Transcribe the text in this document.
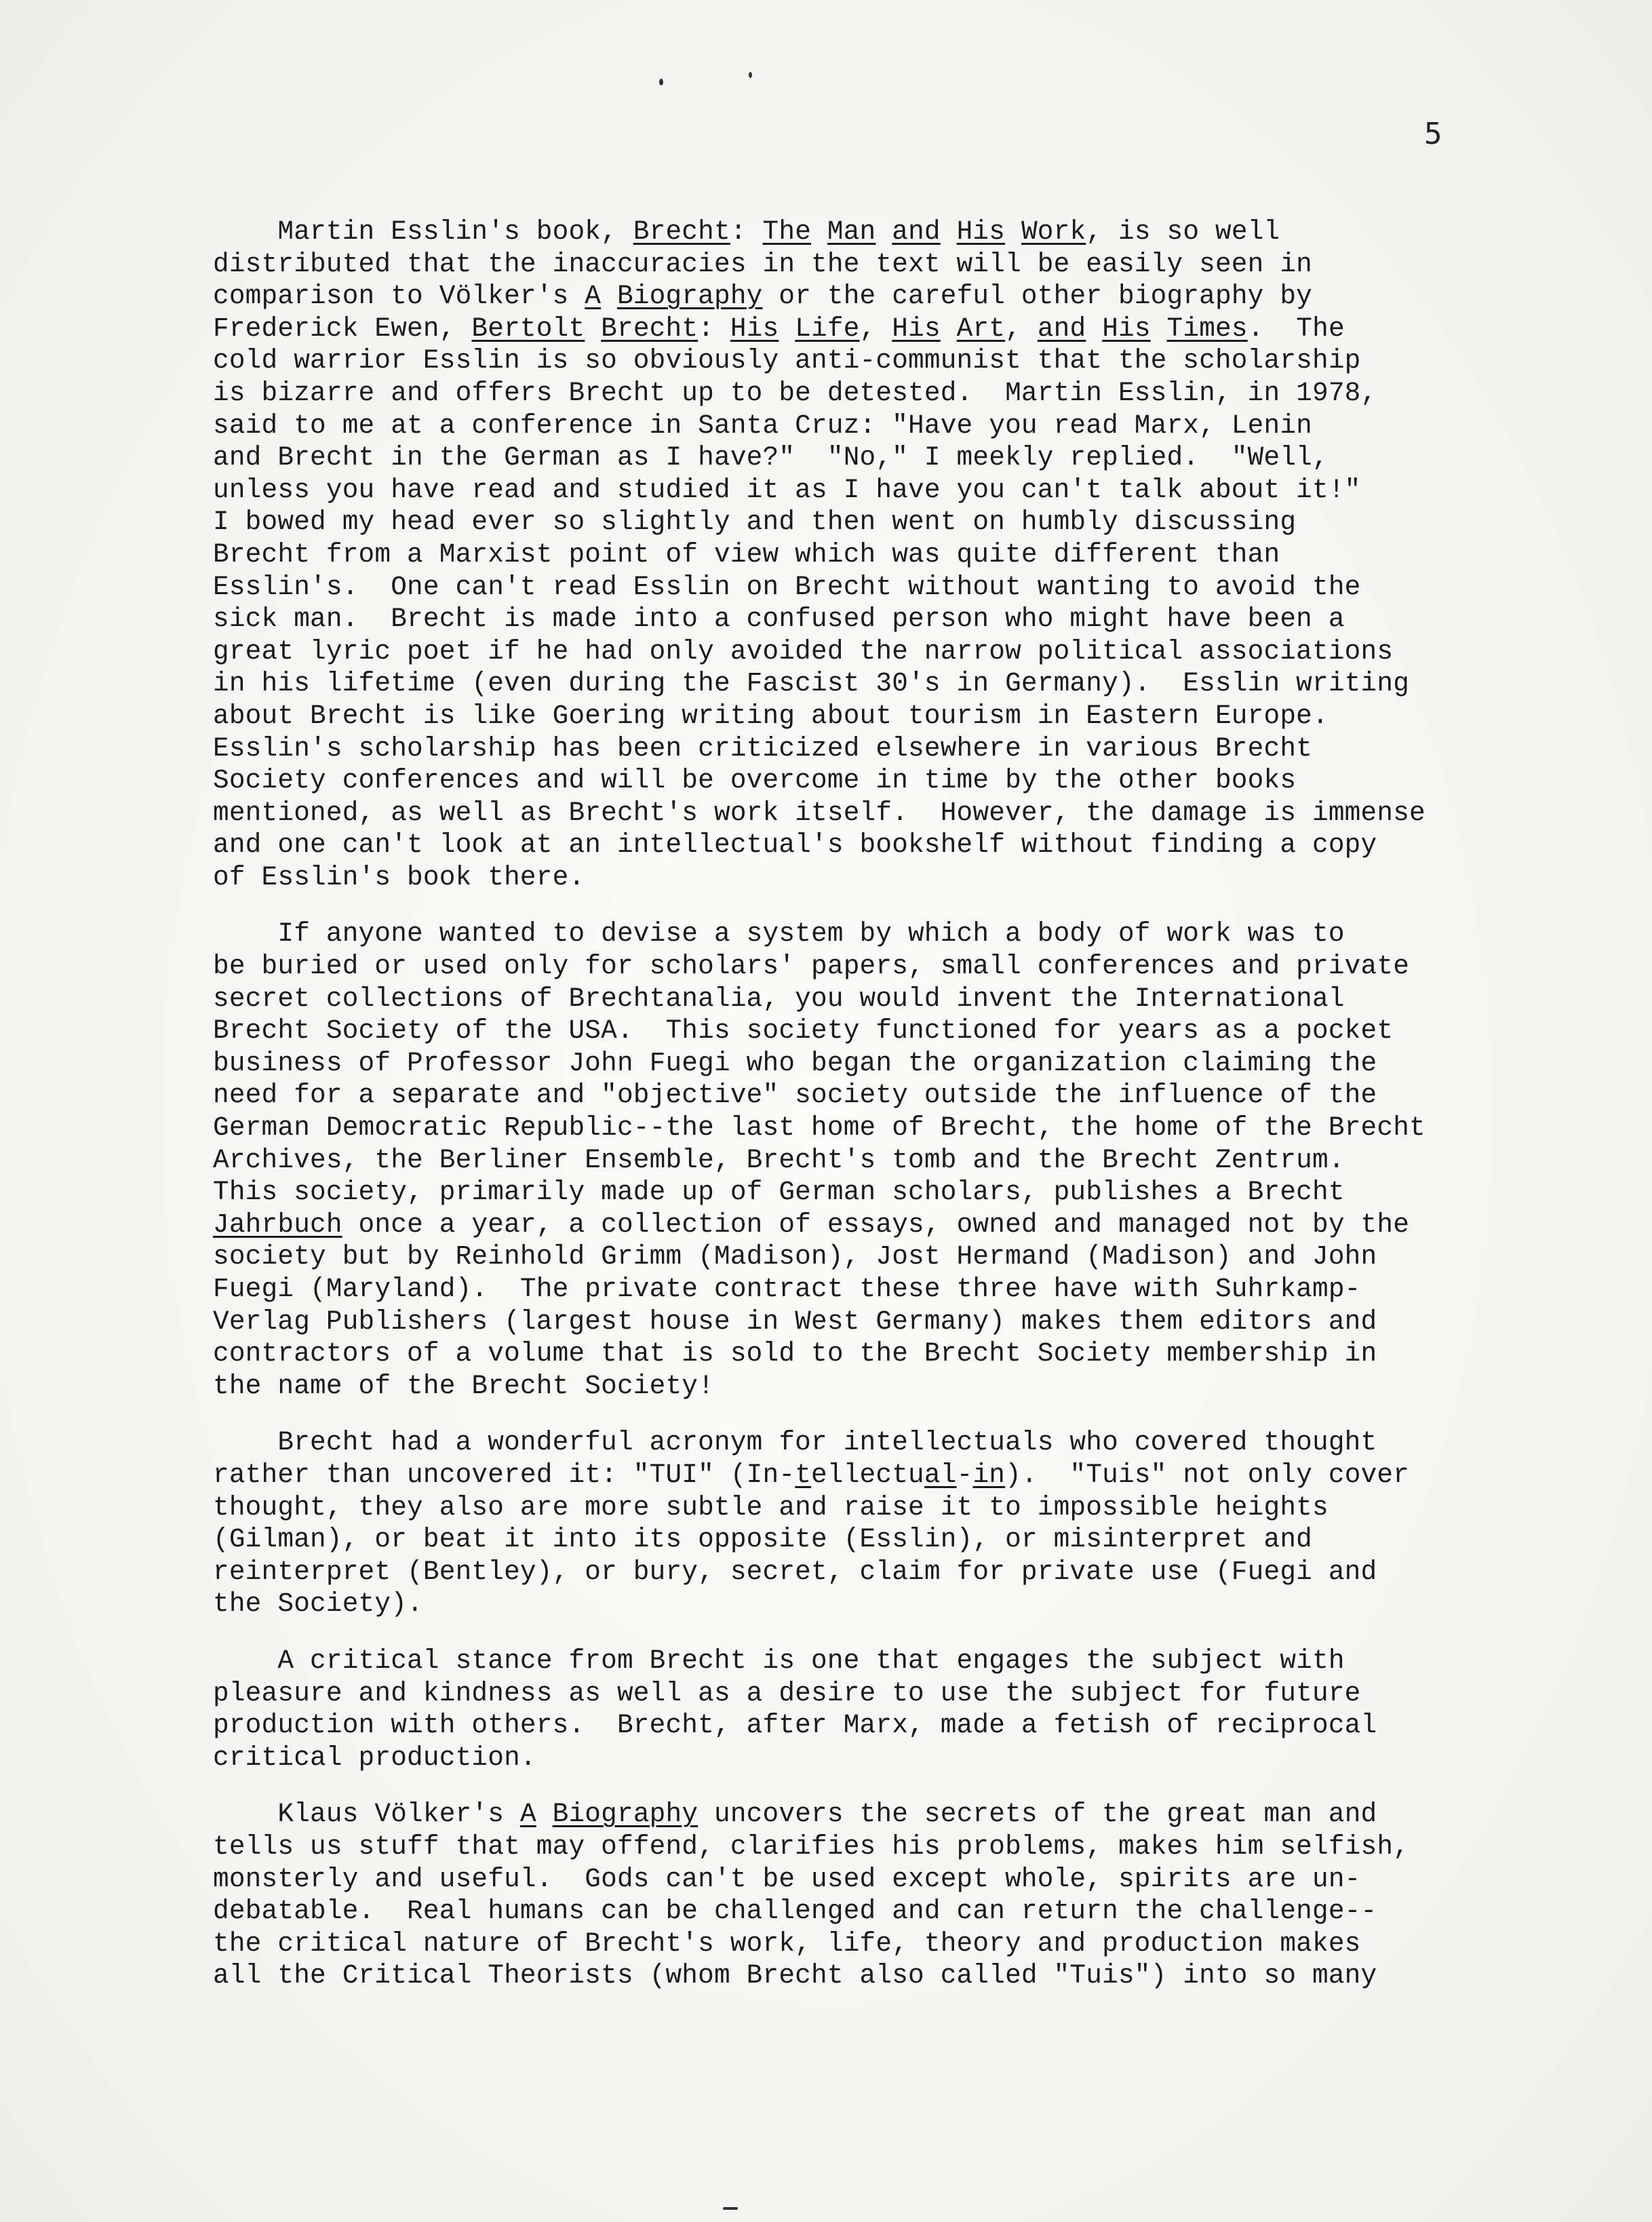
5
Martin Esslin's book, Brecht: The Man and His Work, is so well
distributed that the inaccuracies in the text will be easily seen in
comparison to Völker's A Biography or the careful other biography by
Frederick Ewen, Bertolt Brecht: His Life, His Art, and His Times.  The
cold warrior Esslin is so obviously anti-communist that the scholarship
is bizarre and offers Brecht up to be detested.  Martin Esslin, in 1978,
said to me at a conference in Santa Cruz: "Have you read Marx, Lenin
and Brecht in the German as I have?"  "No," I meekly replied.  "Well,
unless you have read and studied it as I have you can't talk about it!"
I bowed my head ever so slightly and then went on humbly discussing
Brecht from a Marxist point of view which was quite different than
Esslin's.  One can't read Esslin on Brecht without wanting to avoid the
sick man.  Brecht is made into a confused person who might have been a
great lyric poet if he had only avoided the narrow political associations
in his lifetime (even during the Fascist 30's in Germany).  Esslin writing
about Brecht is like Goering writing about tourism in Eastern Europe.
Esslin's scholarship has been criticized elsewhere in various Brecht
Society conferences and will be overcome in time by the other books
mentioned, as well as Brecht's work itself.  However, the damage is immense
and one can't look at an intellectual's bookshelf without finding a copy
of Esslin's book there.
If anyone wanted to devise a system by which a body of work was to
be buried or used only for scholars' papers, small conferences and private
secret collections of Brechtanalia, you would invent the International
Brecht Society of the USA.  This society functioned for years as a pocket
business of Professor John Fuegi who began the organization claiming the
need for a separate and "objective" society outside the influence of the
German Democratic Republic--the last home of Brecht, the home of the Brecht
Archives, the Berliner Ensemble, Brecht's tomb and the Brecht Zentrum.
This society, primarily made up of German scholars, publishes a Brecht
Jahrbuch once a year, a collection of essays, owned and managed not by the
society but by Reinhold Grimm (Madison), Jost Hermand (Madison) and John
Fuegi (Maryland).  The private contract these three have with Suhrkamp-
Verlag Publishers (largest house in West Germany) makes them editors and
contractors of a volume that is sold to the Brecht Society membership in
the name of the Brecht Society!
Brecht had a wonderful acronym for intellectuals who covered thought
rather than uncovered it: "TUI" (In-tellectual-in).  "Tuis" not only cover
thought, they also are more subtle and raise it to impossible heights
(Gilman), or beat it into its opposite (Esslin), or misinterpret and
reinterpret (Bentley), or bury, secret, claim for private use (Fuegi and
the Society).
A critical stance from Brecht is one that engages the subject with
pleasure and kindness as well as a desire to use the subject for future
production with others.  Brecht, after Marx, made a fetish of reciprocal
critical production.
Klaus Völker's A Biography uncovers the secrets of the great man and
tells us stuff that may offend, clarifies his problems, makes him selfish,
monsterly and useful.  Gods can't be used except whole, spirits are un-
debatable.  Real humans can be challenged and can return the challenge--
the critical nature of Brecht's work, life, theory and production makes
all the Critical Theorists (whom Brecht also called "Tuis") into so many
